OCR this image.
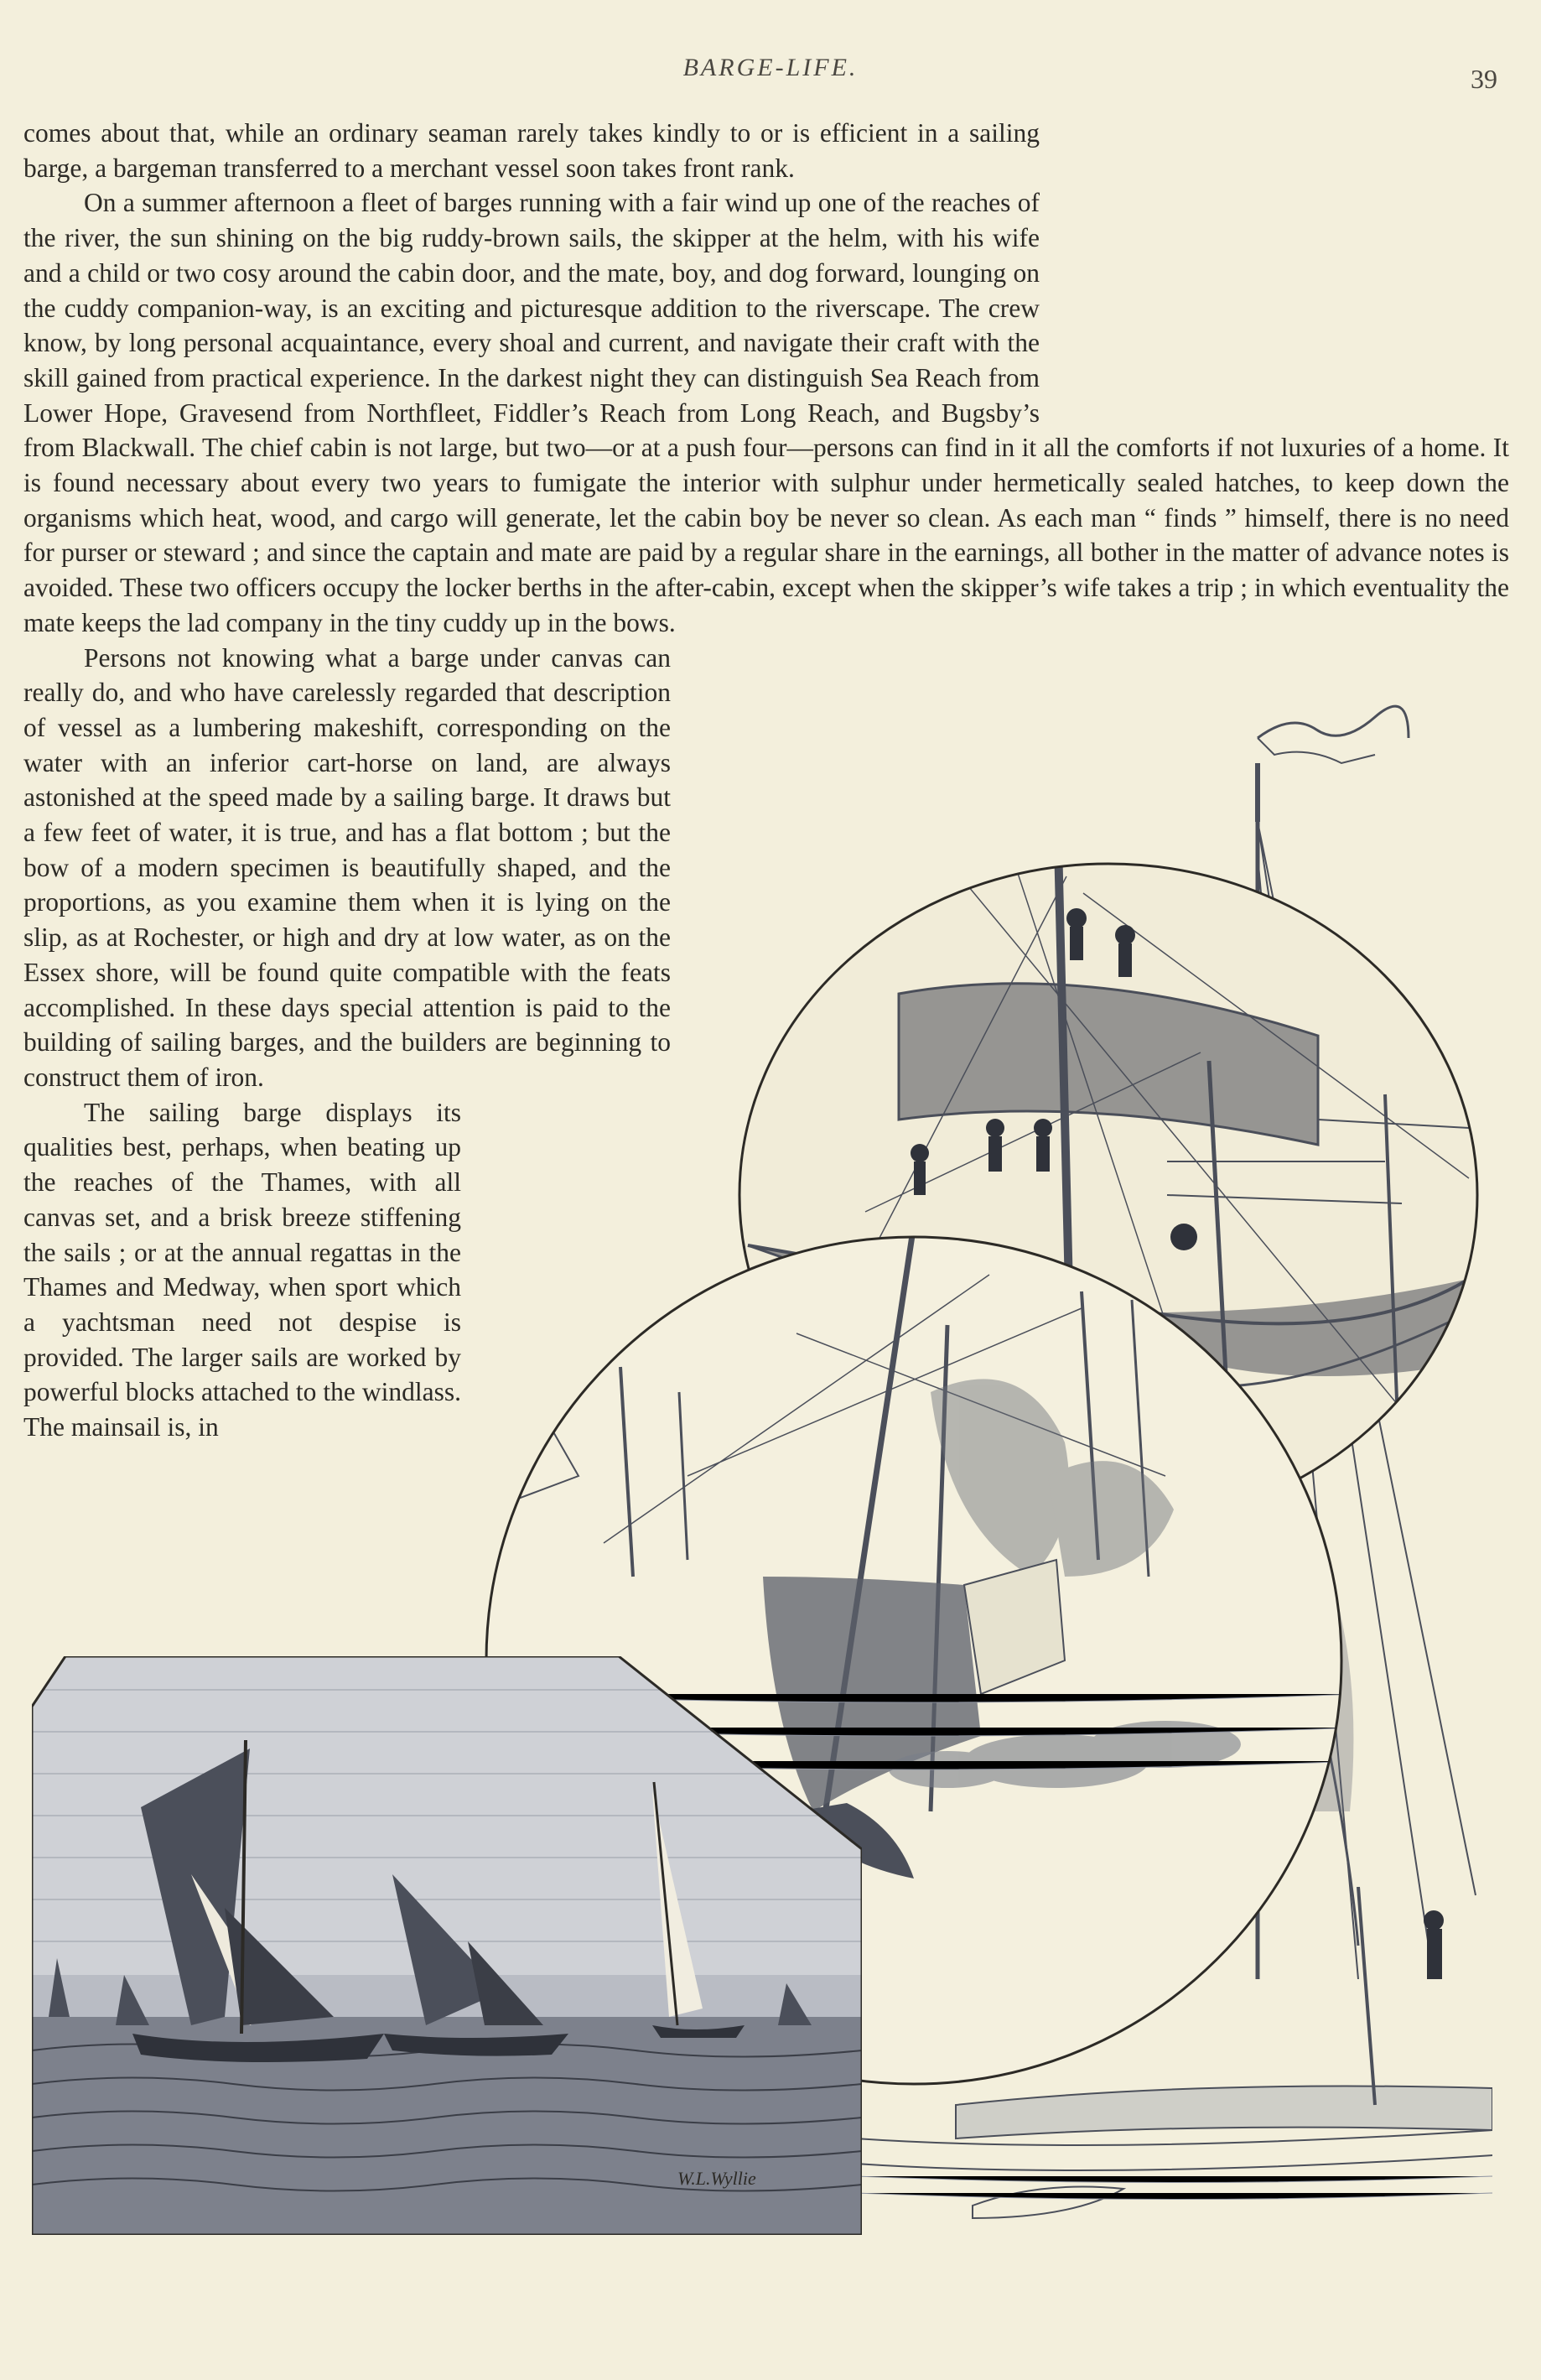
BARGE-LIFE.	39

comes about that, while an ordinary seaman rarely takes kindly to or is efficient in a sailing barge, a bargeman transferred to a merchant vessel soon takes front rank.

On a summer afternoon a fleet of barges running with a fair wind up one of the reaches of the river, the sun shining on the big ruddy-brown sails, the skipper at the helm, with his wife and a child or two cosy around the cabin door, and the mate, boy, and dog forward, lounging on the cuddy companion-way, is an exciting and picturesque addition to the riverscape. The crew know, by long personal acquaintance, every shoal and current, and navigate their craft with the skill gained from practical experience. In the darkest night they can distinguish Sea Reach from Lower Hope, Gravesend from Northfleet, Fiddler’s Reach from Long Reach, and Bugsby’s from Blackwall. The chief cabin is not large, but two—or at a push four—persons can find in it all the comforts if not luxuries of a home. It is found necessary about every two years to fumigate the interior with sulphur under hermetically sealed hatches, to keep down the organisms which heat, wood, and cargo will generate, let the cabin boy be never so clean. As each man “ finds ” himself, there is no need for purser or steward ; and since the captain and mate are paid by a regular share in the earnings, all bother in the matter of advance notes is avoided. These two officers occupy the locker berths in the after-cabin, except when the skipper’s wife takes a trip ; in which eventuality the mate keeps the lad company in the tiny cuddy up in the bows.

Persons not knowing what a barge under canvas can really do, and who have carelessly regarded that description of vessel as a lumbering makeshift, corresponding on the water with an inferior cart-horse on land, are always astonished at the speed made by a sailing barge. It draws but a few feet of water, it is true, and has a flat bottom ; but the bow of a modern specimen is beautifully shaped, and the proportions, as you examine them when it is lying on the slip, as at Rochester, or high and dry at low water, as on the Essex shore, will be found quite compatible with the feats accomplished. In these days special attention is paid to the building of sailing barges, and the builders are beginning to construct them of iron.

The sailing barge displays its qualities best, perhaps, when beating up the reaches of the Thames, with all canvas set, and a brisk breeze stiffening the sails ; or at the annual regattas in the Thames and Medway, when sport which a yachtsman need not despise is provided. The larger sails are worked by powerful blocks attached to the windlass. The mainsail is, in

W.L.Wyllie
